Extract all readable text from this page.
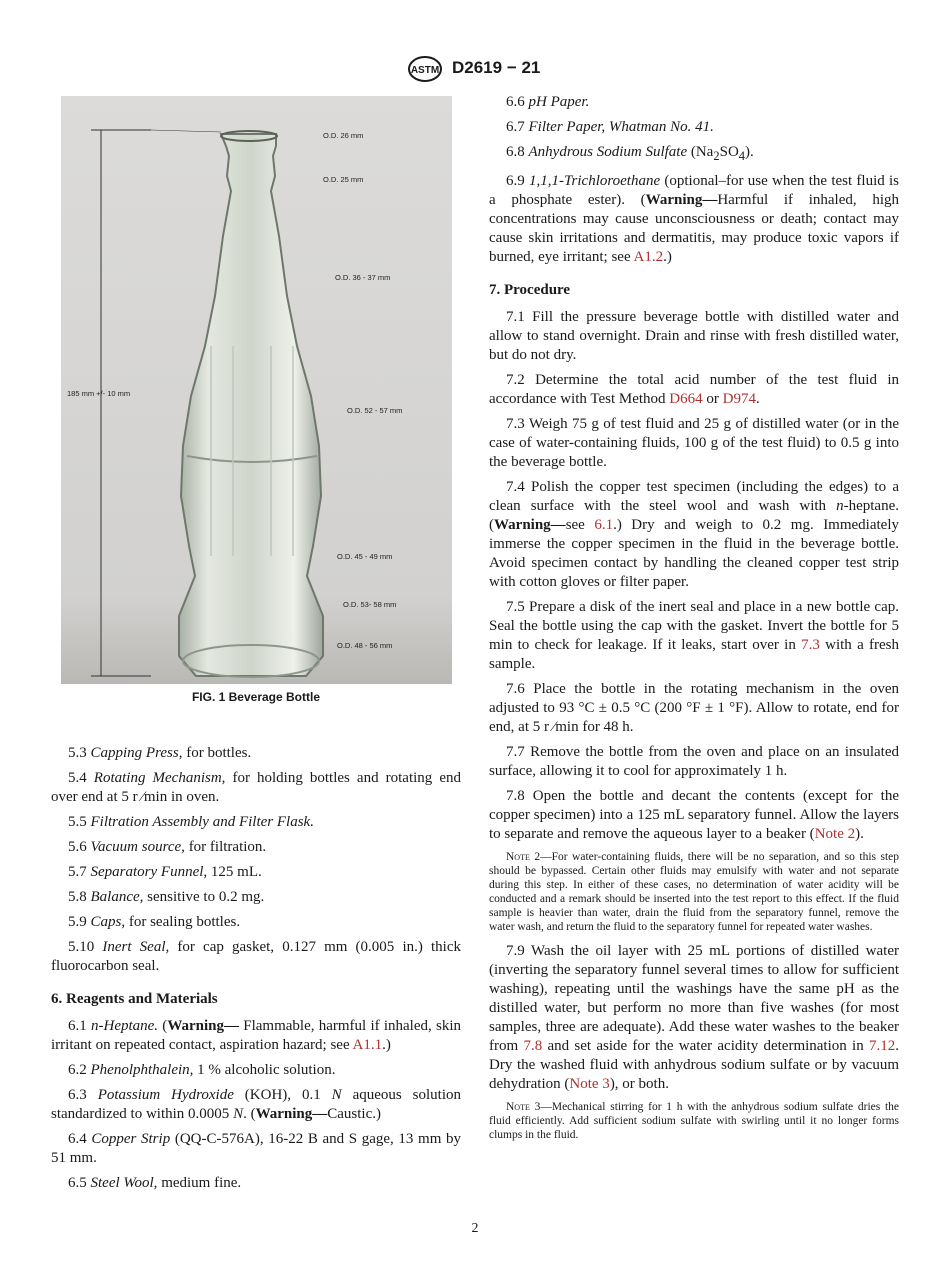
ASTM D2619 − 21
O.D. 26 mm
O.D. 25 mm
O.D. 36 - 37 mm
185 mm +/- 10 mm
O.D. 52 - 57 mm
O.D. 45 - 49 mm
O.D. 53- 58 mm
O.D. 48 - 56 mm
FIG. 1 Beverage Bottle

5.3 Capping Press, for bottles.

5.4 Rotating Mechanism, for holding bottles and rotating end over end at 5 r ⁄min in oven.

5.5 Filtration Assembly and Filter Flask.

5.6 Vacuum source, for filtration.

5.7 Separatory Funnel, 125 mL.

5.8 Balance, sensitive to 0.2 mg.

5.9 Caps, for sealing bottles.

5.10 Inert Seal, for cap gasket, 0.127 mm (0.005 in.) thick fluorocarbon seal.

6. Reagents and Materials

6.1 n-Heptane. (Warning— Flammable, harmful if inhaled, skin irritant on repeated contact, aspiration hazard; see A1.1.)

6.2 Phenolphthalein, 1 % alcoholic solution.

6.3 Potassium Hydroxide (KOH), 0.1 N aqueous solution standardized to within 0.0005 N. (Warning—Caustic.)

6.4 Copper Strip (QQ-C-576A), 16-22 B and S gage, 13 mm by 51 mm.

6.5 Steel Wool, medium fine.

6.6 pH Paper.

6.7 Filter Paper, Whatman No. 41.

6.8 Anhydrous Sodium Sulfate $(Na_2SO_4)$.

6.9 1,1,1-Trichloroethane (optional–for use when the test fluid is a phosphate ester). (Warning—Harmful if inhaled, high concentrations may cause unconsciousness or death; contact may cause skin irritations and dermatitis, may produce toxic vapors if burned, eye irritant; see A1.2.)

7. Procedure

7.1 Fill the pressure beverage bottle with distilled water and allow to stand overnight. Drain and rinse with fresh distilled water, but do not dry.

7.2 Determine the total acid number of the test fluid in accordance with Test Method D664 or D974.

7.3 Weigh 75 g of test fluid and 25 g of distilled water (or in the case of water-containing fluids, 100 g of the test fluid) to 0.5 g into the beverage bottle.

7.4 Polish the copper test specimen (including the edges) to a clean surface with the steel wool and wash with n-heptane. (Warning—see 6.1.) Dry and weigh to 0.2 mg. Immediately immerse the copper specimen in the fluid in the beverage bottle. Avoid specimen contact by handling the cleaned copper test strip with cotton gloves or filter paper.

7.5 Prepare a disk of the inert seal and place in a new bottle cap. Seal the bottle using the cap with the gasket. Invert the bottle for 5 min to check for leakage. If it leaks, start over in 7.3 with a fresh sample.

7.6 Place the bottle in the rotating mechanism in the oven adjusted to 93 °C ± 0.5 °C (200 °F ± 1 °F). Allow to rotate, end for end, at 5 r ⁄min for 48 h.

7.7 Remove the bottle from the oven and place on an insulated surface, allowing it to cool for approximately 1 h.

7.8 Open the bottle and decant the contents (except for the copper specimen) into a 125 mL separatory funnel. Allow the layers to separate and remove the aqueous layer to a beaker (Note 2).

Note 2—For water-containing fluids, there will be no separation, and so this step should be bypassed. Certain other fluids may emulsify with water and not separate during this step. In either of these cases, no determination of water acidity will be conducted and a remark should be inserted into the test report to this effect. If the fluid sample is heavier than water, drain the fluid from the separatory funnel, remove the water wash, and return the fluid to the separatory funnel for repeated water washes.

7.9 Wash the oil layer with 25 mL portions of distilled water (inverting the separatory funnel several times to allow for sufficient washing), repeating until the washings have the same pH as the distilled water, but perform no more than five washes (for most samples, three are adequate). Add these water washes to the beaker from 7.8 and set aside for the water acidity determination in 7.12. Dry the washed fluid with anhydrous sodium sulfate or by vacuum dehydration (Note 3), or both.

Note 3—Mechanical stirring for 1 h with the anhydrous sodium sulfate dries the fluid efficiently. Add sufficient sodium sulfate with swirling until it no longer forms clumps in the fluid.

2
